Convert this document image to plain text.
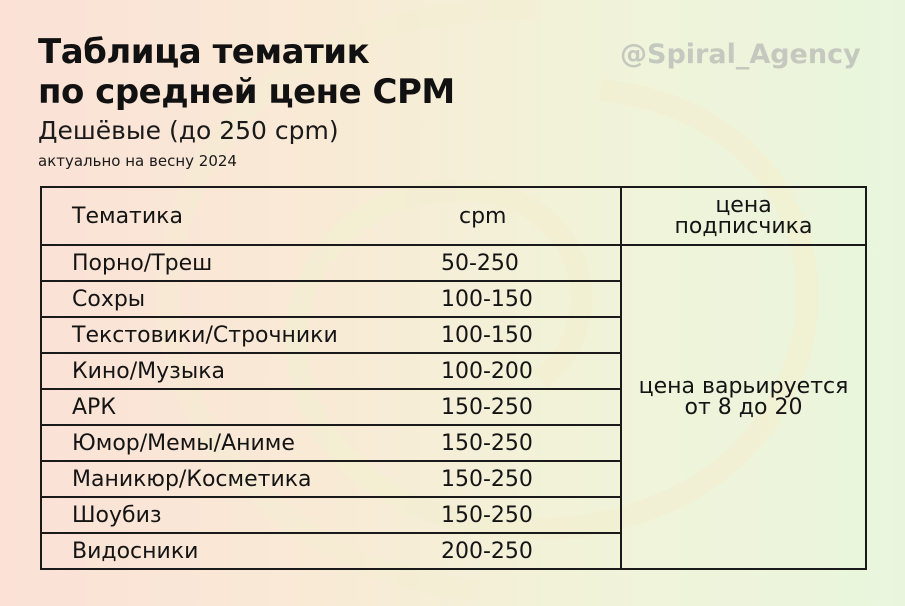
Таблица тематик
по средней цене CPM
Дешёвые (до 250 cpm)
актуально на весну 2024
@Spiral_Agency
Тематика	cpm	цена
подписчика

Порно/Треш	50-250	цена варьируется
от 8 до 20

Сохры	100-150	
Текстовики/Строчники	100-150	
Кино/Музыка	100-200	
АРК	150-250	
Юмор/Мемы/Аниме	150-250	
Маникюр/Косметика	150-250	
Шоубиз	150-250	
Видосники	200-250	
